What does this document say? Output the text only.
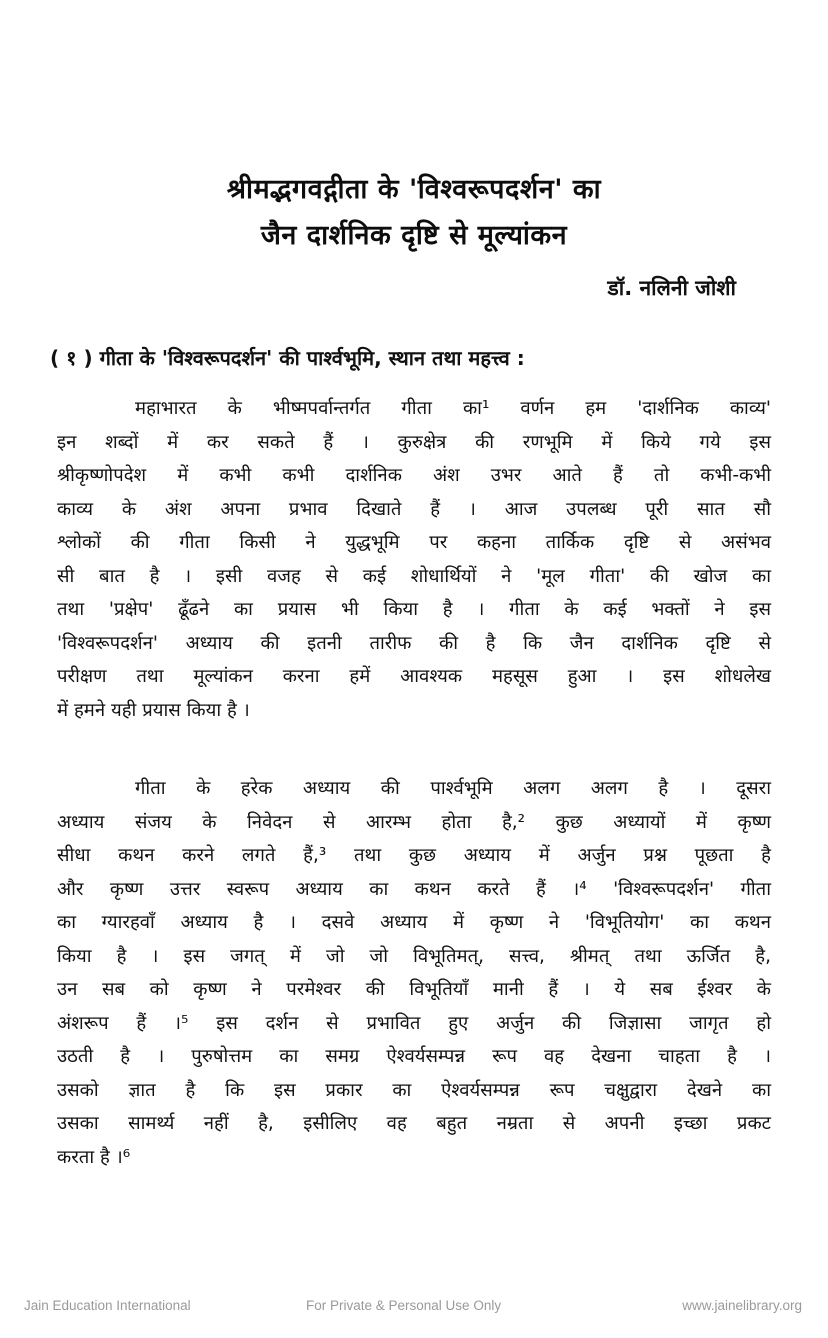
श्रीमद्भगवद्गीता के 'विश्वरूपदर्शन' का
जैन दार्शनिक दृष्टि से मूल्यांकन
डॉ. नलिनी जोशी
( १ ) गीता के 'विश्वरूपदर्शन' की पार्श्वभूमि, स्थान तथा महत्त्व :
महाभारत के भीष्मपर्वान्तर्गत गीता का¹ वर्णन हम 'दार्शनिक काव्य'
इन शब्दों में कर सकते हैं । कुरुक्षेत्र की रणभूमि में किये गये इस
श्रीकृष्णोपदेश में कभी कभी दार्शनिक अंश उभर आते हैं तो कभी-कभी
काव्य के अंश अपना प्रभाव दिखाते हैं । आज उपलब्ध पूरी सात सौ
श्लोकों की गीता किसी ने युद्धभूमि पर कहना तार्किक दृष्टि से असंभव
सी बात है । इसी वजह से कई शोधार्थियों ने 'मूल गीता' की खोज का
तथा 'प्रक्षेप' ढूँढने का प्रयास भी किया है । गीता के कई भक्तों ने इस
'विश्वरूपदर्शन' अध्याय की इतनी तारीफ की है कि जैन दार्शनिक दृष्टि से
परीक्षण तथा मूल्यांकन करना हमें आवश्यक महसूस हुआ । इस शोधलेख
में हमने यही प्रयास किया है ।
गीता के हरेक अध्याय की पार्श्वभूमि अलग अलग है । दूसरा
अध्याय संजय के निवेदन से आरम्भ होता है,² कुछ अध्यायों में कृष्ण
सीधा कथन करने लगते हैं,³ तथा कुछ अध्याय में अर्जुन प्रश्न पूछता है
और कृष्ण उत्तर स्वरूप अध्याय का कथन करते हैं ।⁴ 'विश्वरूपदर्शन' गीता
का ग्यारहवाँ अध्याय है । दसवे अध्याय में कृष्ण ने 'विभूतियोग' का कथन
किया है । इस जगत् में जो जो विभूतिमत्, सत्त्व, श्रीमत् तथा ऊर्जित है,
उन सब को कृष्ण ने परमेश्वर की विभूतियाँ मानी हैं । ये सब ईश्वर के
अंशरूप हैं ।⁵ इस दर्शन से प्रभावित हुए अर्जुन की जिज्ञासा जागृत हो
उठती है । पुरुषोत्तम का समग्र ऐश्वर्यसम्पन्न रूप वह देखना चाहता है ।
उसको ज्ञात है कि इस प्रकार का ऐश्वर्यसम्पन्न रूप चक्षुद्वारा देखने का
उसका सामर्थ्य नहीं है, इसीलिए वह बहुत नम्रता से अपनी इच्छा प्रकट
करता है ।⁶
Jain Education International	For Private & Personal Use Only	www.jainelibrary.org
